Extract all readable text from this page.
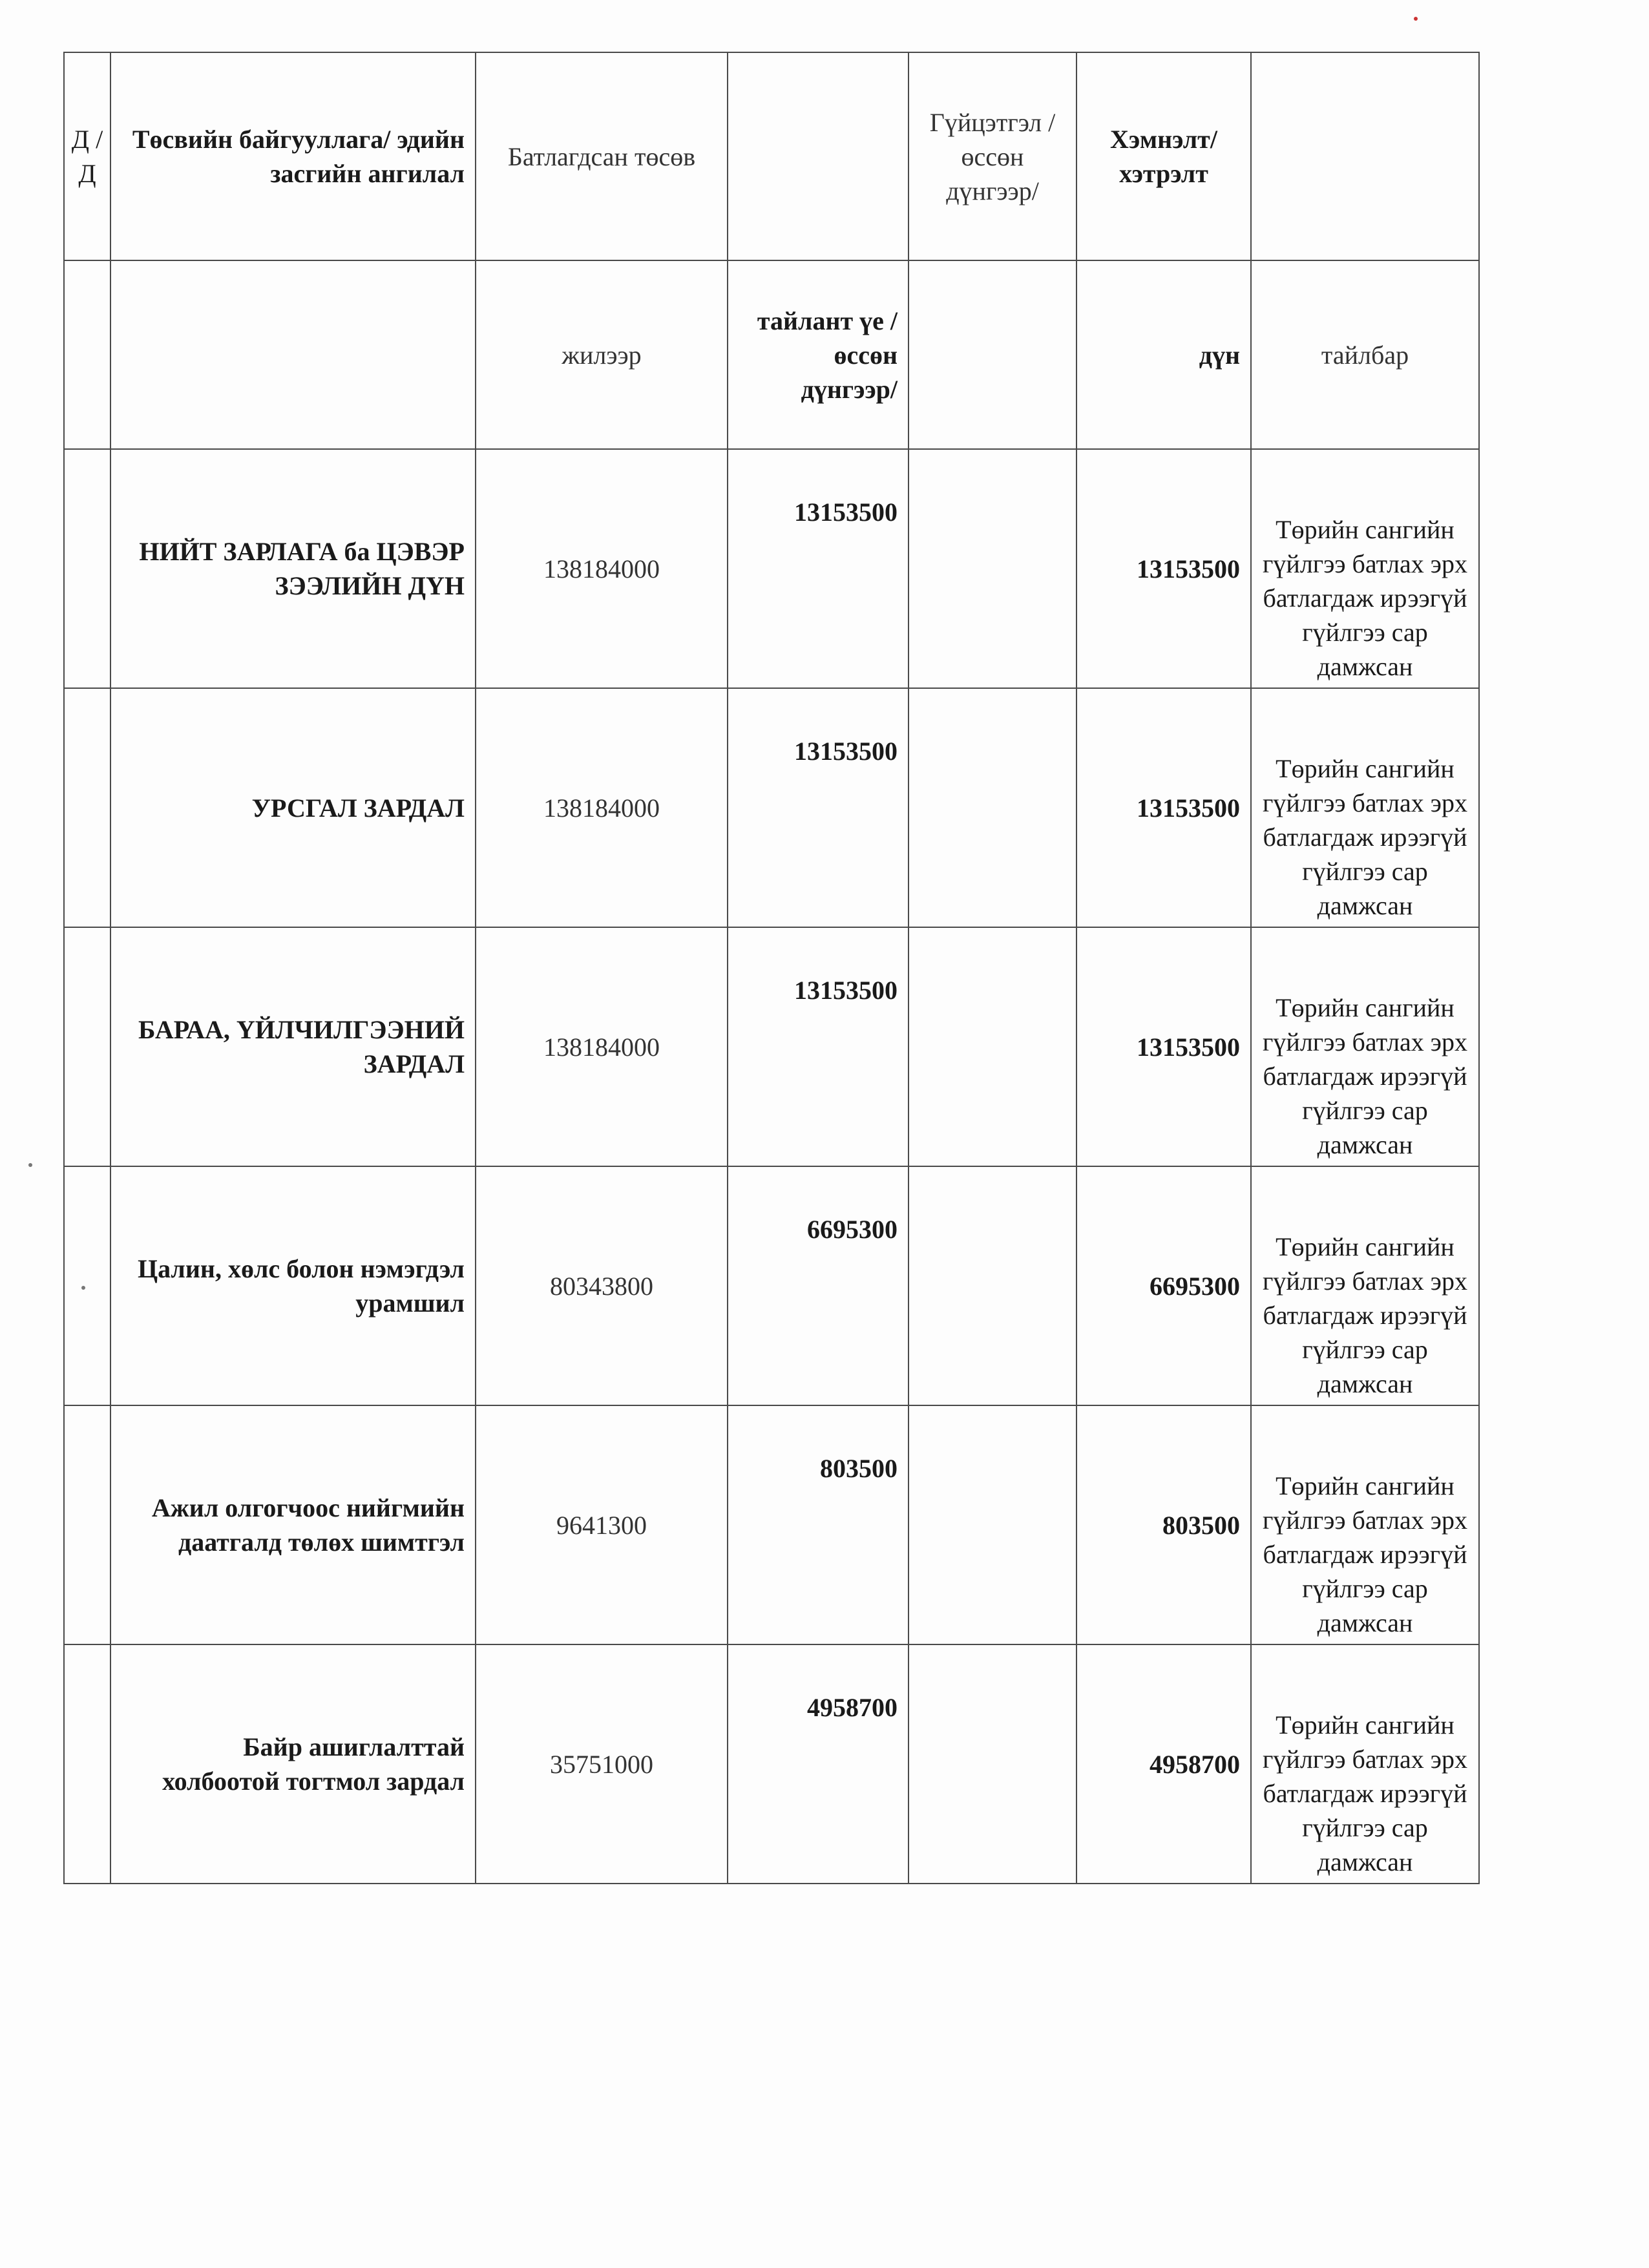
Д / Д	Төсвийн байгууллага/ эдийн засгийн ангилал	Батлагдсан төсөв		Гүйцэтгэл /өссөн дүнгээр/	Хэмнэлт/ хэтрэлт	
		жилээр	тайлант үе /өссөн дүнгээр/		дүн	тайлбар
	НИЙТ ЗАРЛАГА ба ЦЭВЭР ЗЭЭЛИЙН ДҮН	138184000	13153500		13153500	Төрийн сангийн гүйлгээ батлах эрх батлагдаж ирээгүй гүйлгээ сар дамжсан
	УРСГАЛ ЗАРДАЛ	138184000	13153500		13153500	Төрийн сангийн гүйлгээ батлах эрх батлагдаж ирээгүй гүйлгээ сар дамжсан
	БАРАА, ҮЙЛЧИЛГЭЭНИЙ ЗАРДАЛ	138184000	13153500		13153500	Төрийн сангийн гүйлгээ батлах эрх батлагдаж ирээгүй гүйлгээ сар дамжсан
	Цалин, хөлс болон нэмэгдэл урамшил	80343800	6695300		6695300	Төрийн сангийн гүйлгээ батлах эрх батлагдаж ирээгүй гүйлгээ сар дамжсан
	Ажил олгогчоос нийгмийн даатгалд төлөх шимтгэл	9641300	803500		803500	Төрийн сангийн гүйлгээ батлах эрх батлагдаж ирээгүй гүйлгээ сар дамжсан
	Байр ашиглалттай холбоотой тогтмол зардал	35751000	4958700		4958700	Төрийн сангийн гүйлгээ батлах эрх батлагдаж ирээгүй гүйлгээ сар дамжсан
